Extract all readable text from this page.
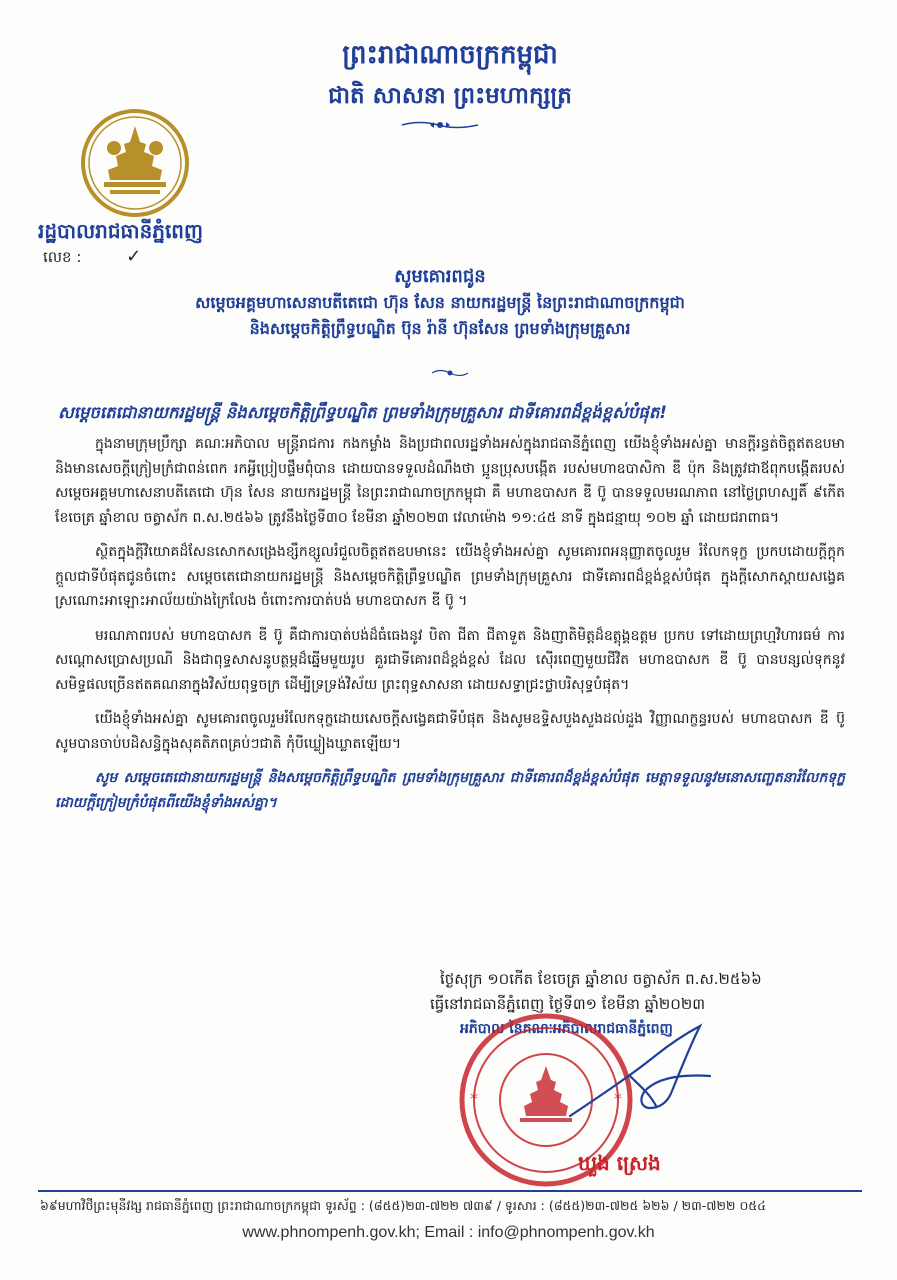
ព្រះរាជាណាចក្រកម្ពុជា
ជាតិ សាសនា ព្រះមហាក្សត្រ
រដ្ឋបាលរាជធានីភ្នំពេញ
លេខ : ✓
សូមគោរពជូន
សម្ដេចអគ្គមហាសេនាបតីតេជោ ហ៊ុន សែន នាយករដ្ឋមន្ត្រី នៃព្រះរាជាណាចក្រកម្ពុជា
និងសម្ដេចកិត្តិព្រឹទ្ធបណ្ឌិត ប៊ុន រ៉ានី ហ៊ុនសែន ព្រមទាំងក្រុមគ្រួសារ
សម្ដេចតេជោនាយករដ្ឋមន្ត្រី និងសម្ដេចកិត្តិព្រឹទ្ធបណ្ឌិត ព្រមទាំងក្រុមគ្រួសារ ជាទីគោរពដ៏ខ្ពង់ខ្ពស់បំផុត!

ក្នុងនាមក្រុមប្រឹក្សា គណៈអភិបាល មន្ត្រីរាជការ កងកម្លាំង និងប្រជាពលរដ្ឋទាំងអស់ក្នុងរាជធានីភ្នំពេញ យើងខ្ញុំទាំងអស់គ្នា មានក្ដីរន្ធត់ចិត្តឥតឧបមា និងមានសេចក្ដីក្រៀមក្រំជាពន់ពេក រកអ្វីប្រៀបផ្ទឹមពុំបាន ដោយបានទទួលដំណឹងថា ប្អូនប្រុសបង្កើត របស់មហាឧបាសិកា ឌី ប៉ុក និងត្រូវជាឪពុកបង្កើតរបស់ សម្ដេចអគ្គមហាសេនាបតីតេជោ ហ៊ុន សែន នាយករដ្ឋមន្ត្រី នៃព្រះរាជាណាចក្រកម្ពុជា គឺ មហាឧបាសក ឌី ប៊ូ បានទទួលមរណភាព នៅថ្ងៃព្រហស្បតិ៍ ៩កើត ខែចេត្រ ឆ្នាំខាល ចត្វាស័ក ព.ស.២៥៦៦ ត្រូវនឹងថ្ងៃទី៣០ ខែមីនា ឆ្នាំ២០២៣ វេលាម៉ោង ១១:៤៥ នាទី ក្នុងជន្មាយុ ១០២ ឆ្នាំ ដោយជរាពាធ។

ស្ថិតក្នុងក្ដីវិយោគដ៏សែនសោកសង្រេងខ្សឹកខ្សួលរំជួលចិត្តឥតឧបមានេះ យើងខ្ញុំទាំងអស់គ្នា សូមគោរពអនុញ្ញាតចូលរួម រំលែកទុក្ខ ប្រកបដោយក្ដីក្ដុកក្ដួលជាទីបំផុតជូនចំពោះ សម្ដេចតេជោនាយករដ្ឋមន្ត្រី និងសម្ដេចកិត្តិព្រឹទ្ធបណ្ឌិត ព្រមទាំងក្រុមគ្រួសារ ជាទីគោរពដ៏ខ្ពង់ខ្ពស់បំផុត ក្នុងក្ដីសោកស្ដាយសង្វេគ ស្រណោះអាឡោះអាល័យយ៉ាងក្រៃលែង ចំពោះការបាត់បង់ មហាឧបាសក ឌី ប៊ូ ។

មរណភាពរបស់ មហាឧបាសក ឌី ប៊ូ គឺជាការបាត់បង់ដ៏ធំធេងនូវ បិតា ជីតា ជីតាទួត និងញាតិមិត្តដ៏ឧត្ដុង្គឧត្ដម ប្រកប ទៅដោយព្រហ្មវិហារធម៌ ការសណ្ដោសប្រោសប្រណី និងជាពុទ្ធសាសនូបត្ថម្ភដ៏ឆ្នើមមួយរូប គួរជាទីគោរពដ៏ខ្ពង់ខ្ពស់ ដែល ស៊ើរពេញមួយជីវិត មហាឧបាសក ឌី ប៊ូ បានបន្សល់ទុកនូវសមិទ្ធផលច្រើនឥតគណនាក្នុងវិស័យពុទ្ធចក្រ ដើម្បីទ្រទ្រង់វិស័យ ព្រះពុទ្ធសាសនា ដោយសទ្ធាជ្រះថ្លាបរិសុទ្ធបំផុត។

យើងខ្ញុំទាំងអស់គ្នា សូមគោរពចូលរួមរំលែកទុក្ខដោយសេចក្ដីសង្វេគជាទីបំផុត និងសូមឧទ្ទិសបួងសួងដល់ដួង វិញ្ញាណក្ខន្ធរបស់ មហាឧបាសក ឌី ប៊ូ សូមបានចាប់បដិសន្ធិក្នុងសុគតិភពគ្រប់ៗជាតិ កុំបីឃ្លៀងឃ្លាតឡើយ។

សូម សម្ដេចតេជោនាយករដ្ឋមន្ត្រី និងសម្ដេចកិត្តិព្រឹទ្ធបណ្ឌិត ព្រមទាំងក្រុមគ្រួសារ ជាទីគោរពដ៏ខ្ពង់ខ្ពស់បំផុត មេត្តាទទួលនូវមនោសញ្ចេតនារំលែកទុក្ខដោយក្ដីក្រៀមក្រំបំផុតពីយើងខ្ញុំទាំងអស់គ្នា។

ថ្ងៃសុក្រ ១០កើត ខែចេត្រ ឆ្នាំខាល ចត្វាស័ក ព.ស.២៥៦៦
ធ្វើនៅរាជធានីភ្នំពេញ ថ្ងៃទី៣១ ខែមីនា ឆ្នាំ២០២៣
អភិបាល នៃគណៈអភិបាលរាជធានីភ្នំពេញ
*	*
ឃួង ស្រេង
៦៩មហាវិថីព្រះមុនីវង្ស រាជធានីភ្នំពេញ ព្រះរាជាណាចក្រកម្ពុជា ទូរស័ព្ទ : (៨៥៥)២៣-៧២២ ៧៣៩ / ទូរសារ : (៨៥៥)២៣-៧២៥ ៦២៦ / ២៣-៧២២ ០៥៤
www.phnompenh.gov.kh; Email : info@phnompenh.gov.kh
